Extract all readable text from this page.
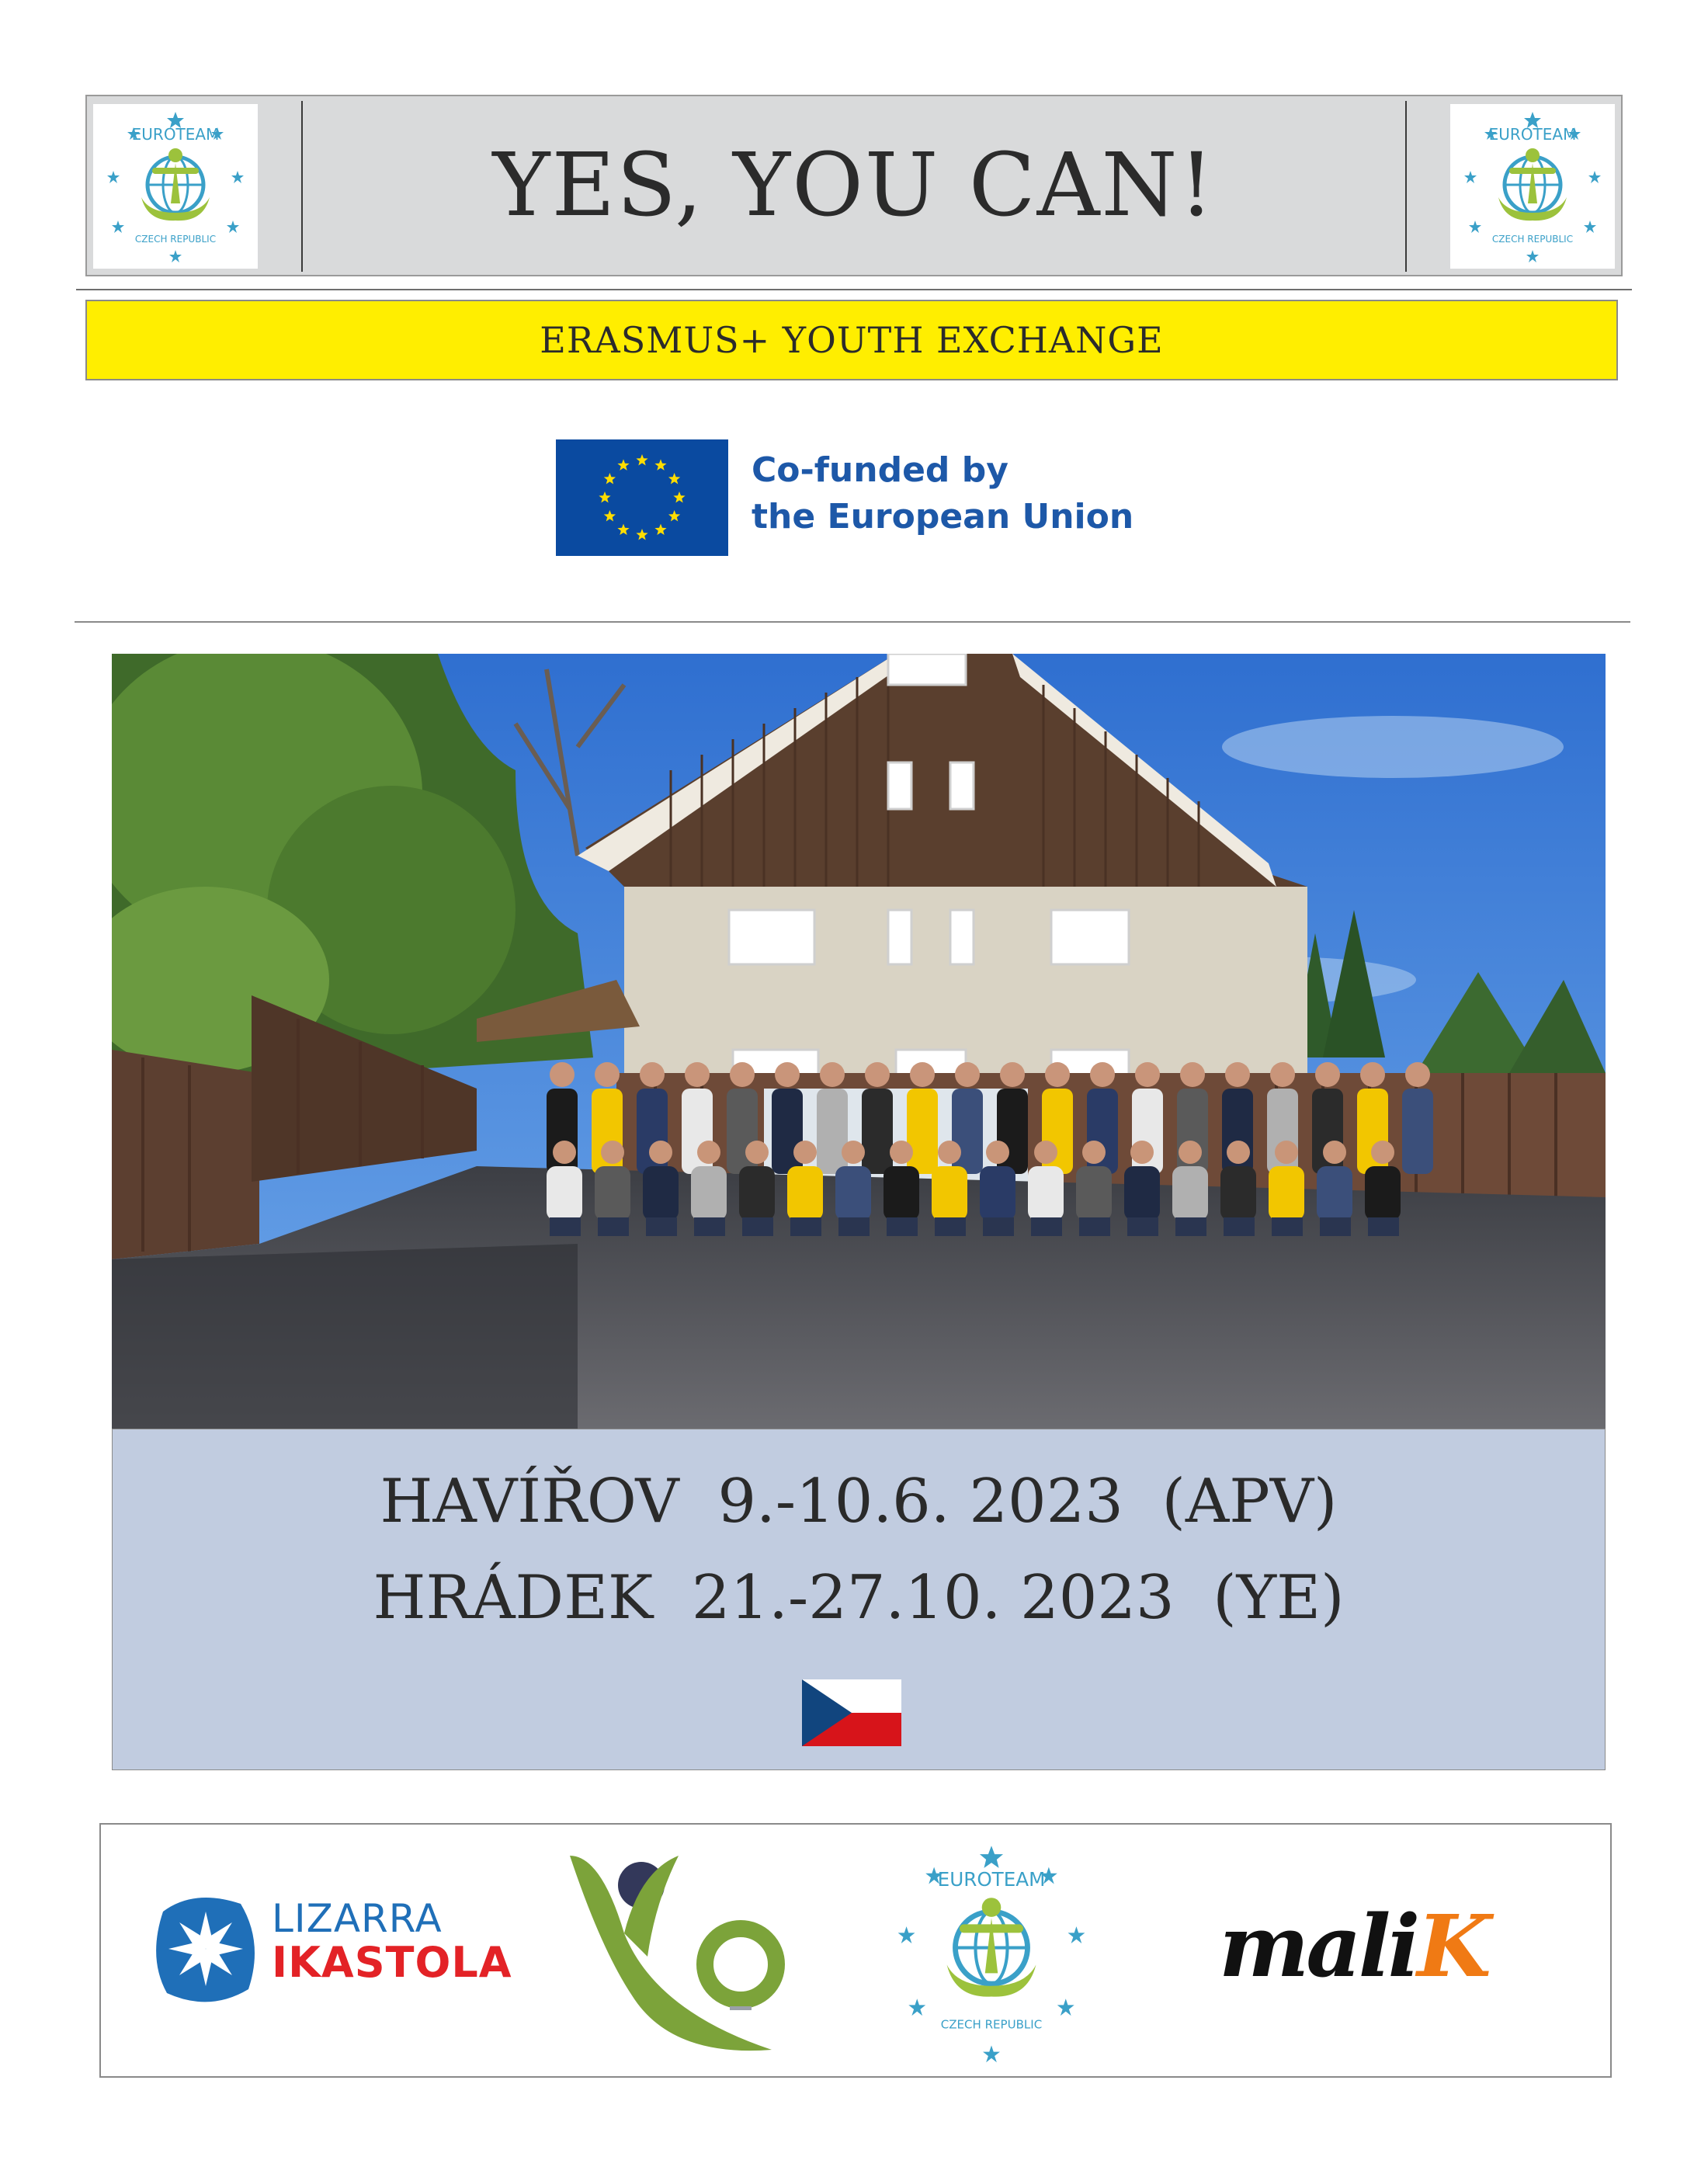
EUROTEAM
CZECH REPUBLIC
YES, YOU CAN!
EUROTEAM
CZECH REPUBLIC
ERASMUS+ YOUTH EXCHANGE
Co-funded by
the European Union
HAVÍŘOV  9.-10.6. 2023  (APV)
HRÁDEK  21.-27.10. 2023  (YE)
LIZARRA
IKASTOLA
EUROTEAM
CZECH REPUBLIC
maliK
